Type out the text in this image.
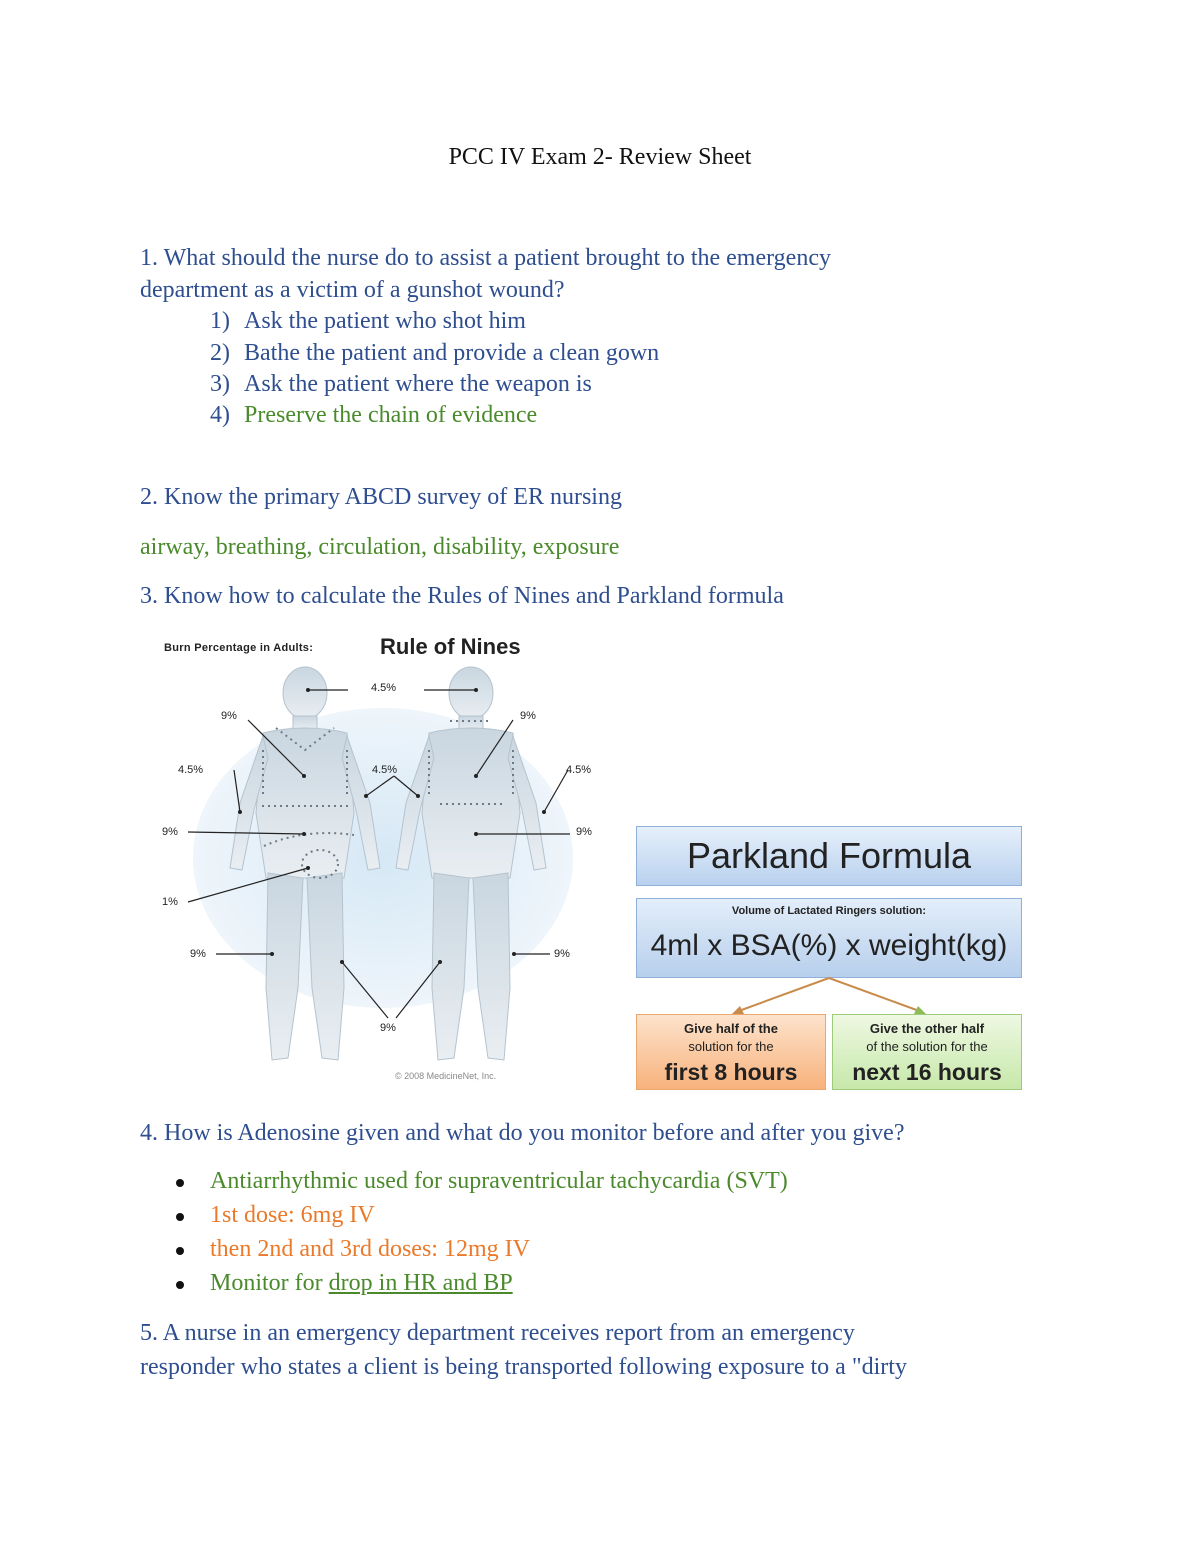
PCC IV Exam 2- Review Sheet
1. What should the nurse do to assist a patient brought to the emergency
department as a victim of a gunshot wound?
1) Ask the patient who shot him
2) Bathe the patient and provide a clean gown
3) Ask the patient where the weapon is
4) Preserve the chain of evidence
2. Know the primary ABCD survey of ER nursing
airway, breathing, circulation, disability, exposure
3. Know how to calculate the Rules of Nines and Parkland formula
Burn Percentage in Adults:	Rule of Nines
4.5%
9%	9%
4.5%	4.5%	4.5%
9%	9%
1%
9%	9%
9%
© 2008 MedicineNet, Inc.
Parkland Formula
Volume of Lactated Ringers solution:
4ml x BSA(%) x weight(kg)
Give half of the
solution for the
first 8 hours
Give the other half
of the solution for the
next 16 hours
4. How is Adenosine given and what do you monitor before and after you give?
Antiarrhythmic used for supraventricular tachycardia (SVT)
1st dose: 6mg IV
then 2nd and 3rd doses: 12mg IV
Monitor for drop in HR and BP
5. A nurse in an emergency department receives report from an emergency
responder who states a client is being transported following exposure to a "dirty
